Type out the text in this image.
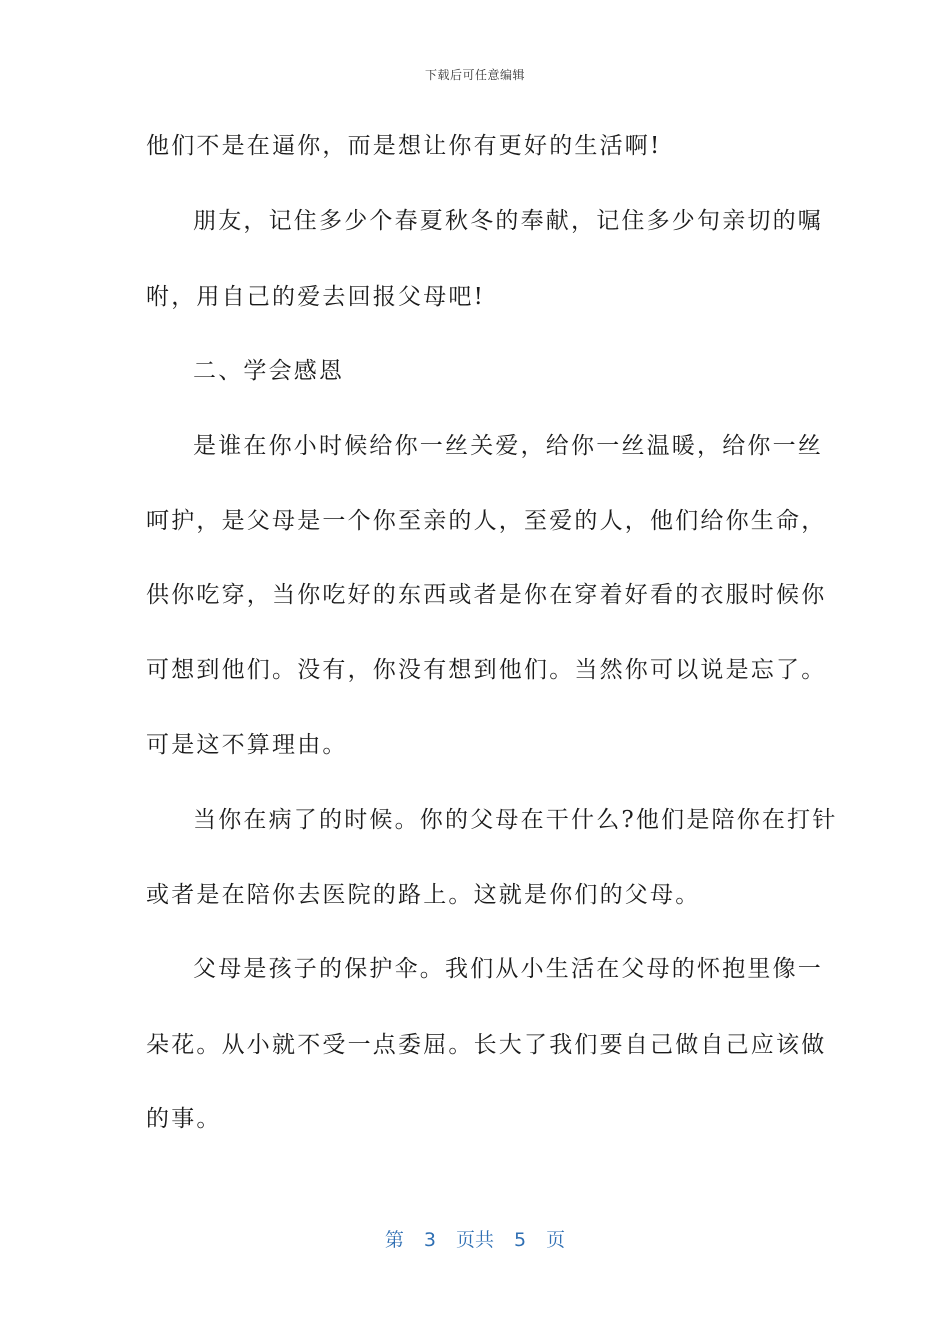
下载后可任意编辑
他们不是在逼你，而是想让你有更好的生活啊!
朋友，记住多少个春夏秋冬的奉献，记住多少句亲切的嘱
咐，用自己的爱去回报父母吧!
二、学会感恩
是谁在你小时候给你一丝关爱，给你一丝温暖，给你一丝
呵护，是父母是一个你至亲的人，至爱的人，他们给你生命，
供你吃穿，当你吃好的东西或者是你在穿着好看的衣服时候你
可想到他们。没有，你没有想到他们。当然你可以说是忘了。
可是这不算理由。
当你在病了的时候。你的父母在干什么?他们是陪你在打针
或者是在陪你去医院的路上。这就是你们的父母。
父母是孩子的保护伞。我们从小生活在父母的怀抱里像一
朵花。从小就不受一点委屈。长大了我们要自己做自己应该做
的事。
第 3 页共 5 页
